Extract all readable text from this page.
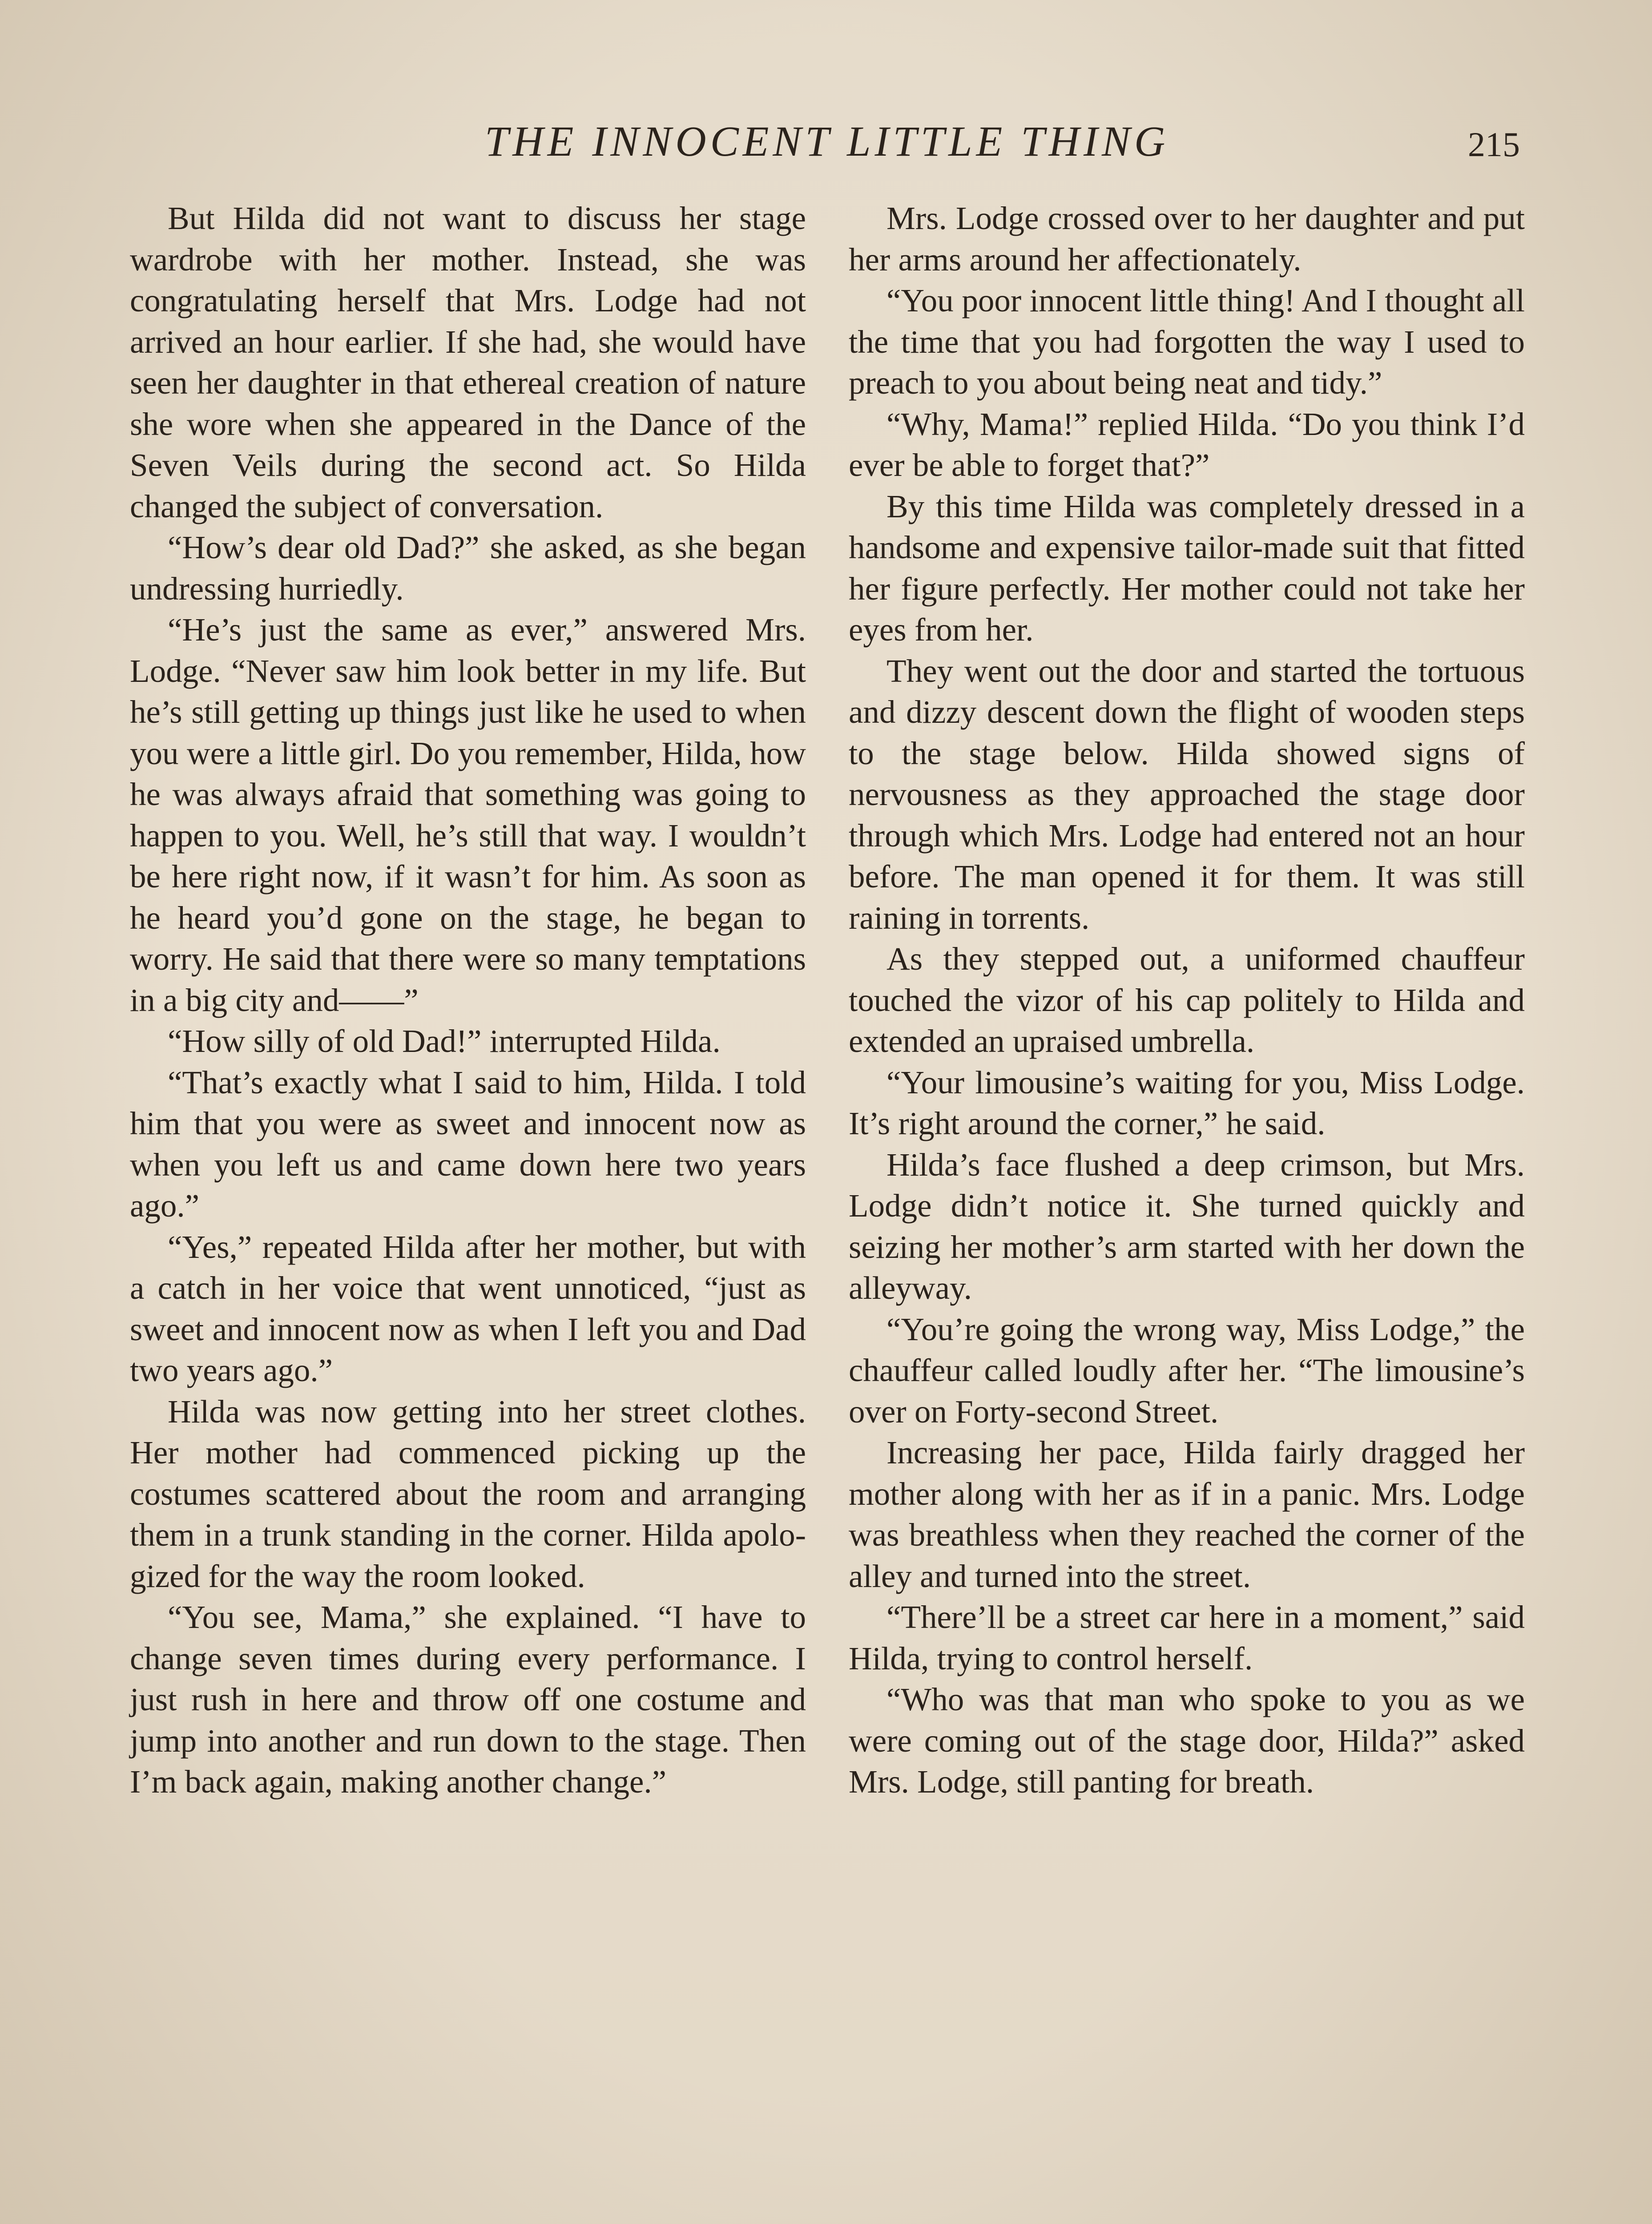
THE INNOCENT LITTLE THING	215

But Hilda did not want to discuss her stage wardrobe with her mother. Instead, she was congratulating herself that Mrs. Lodge had not arrived an hour earlier. If she had, she would have seen her daughter in that ethereal creation of nature she wore when she appeared in the Dance of the Seven Veils during the second act. So Hilda changed the subject of conversation.

“How’s dear old Dad?” she asked, as she began undressing hurriedly.

“He’s just the same as ever,” answered Mrs. Lodge. “Never saw him look better in my life. But he’s still getting up things just like he used to when you were a little girl. Do you remember, Hilda, how he was always afraid that something was going to happen to you. Well, he’s still that way. I wouldn’t be here right now, if it wasn’t for him. As soon as he heard you’d gone on the stage, he began to worry. He said that there were so many temptations in a big city and——”

“How silly of old Dad!” interrupted Hilda.

“That’s exactly what I said to him, Hilda. I told him that you were as sweet and innocent now as when you left us and came down here two years ago.”

“Yes,” repeated Hilda after her mother, but with a catch in her voice that went unnoticed, “just as sweet and innocent now as when I left you and Dad two years ago.”

Hilda was now getting into her street clothes. Her mother had commenced picking up the costumes scattered about the room and arranging them in a trunk standing in the corner. Hilda apologized for the way the room looked.

“You see, Mama,” she explained. “I have to change seven times during every performance. I just rush in here and throw off one costume and jump into another and run down to the stage. Then I’m back again, making another change.”

Mrs. Lodge crossed over to her daughter and put her arms around her affectionately.

“You poor innocent little thing! And I thought all the time that you had forgotten the way I used to preach to you about being neat and tidy.”

“Why, Mama!” replied Hilda. “Do you think I’d ever be able to forget that?”

By this time Hilda was completely dressed in a handsome and expensive tailor-made suit that fitted her figure perfectly. Her mother could not take her eyes from her.

They went out the door and started the tortuous and dizzy descent down the flight of wooden steps to the stage below. Hilda showed signs of nervousness as they approached the stage door through which Mrs. Lodge had entered not an hour before. The man opened it for them. It was still raining in torrents.

As they stepped out, a uniformed chauffeur touched the vizor of his cap politely to Hilda and extended an upraised umbrella.

“Your limousine’s waiting for you, Miss Lodge. It’s right around the corner,” he said.

Hilda’s face flushed a deep crimson, but Mrs. Lodge didn’t notice it. She turned quickly and seizing her mother’s arm started with her down the alleyway.

“You’re going the wrong way, Miss Lodge,” the chauffeur called loudly after her. “The limousine’s over on Forty-second Street.

Increasing her pace, Hilda fairly dragged her mother along with her as if in a panic. Mrs. Lodge was breathless when they reached the corner of the alley and turned into the street.

“There’ll be a street car here in a moment,” said Hilda, trying to control herself.

“Who was that man who spoke to you as we were coming out of the stage door, Hilda?” asked Mrs. Lodge, still panting for breath.
